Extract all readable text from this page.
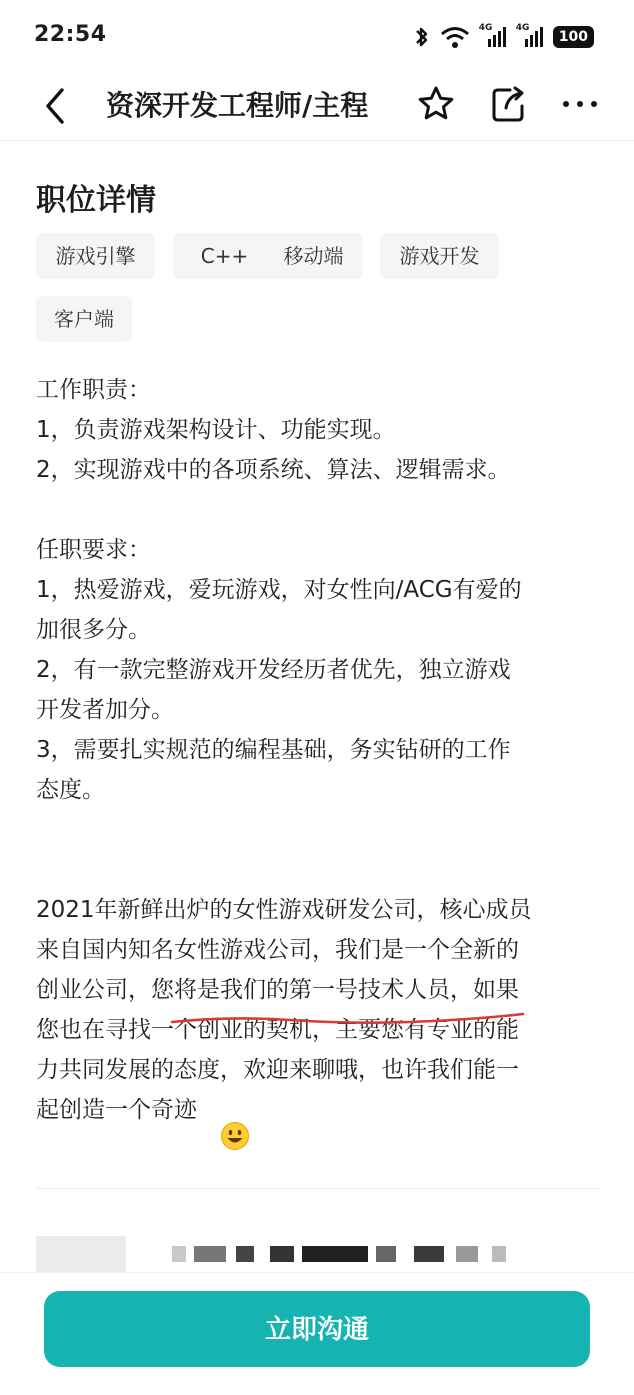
22:54	4G	4G
100
资深开发工程师/主程
职位详情
游戏引擎	C++	移动端	游戏开发
客户端

工作职责：

1，负责游戏架构设计、功能实现。

2，实现游戏中的各项系统、算法、逻辑需求。

任职要求：

1，热爱游戏，爱玩游戏，对女性向/ACG有爱的

加很多分。

2，有一款完整游戏开发经历者优先，独立游戏

开发者加分。

3，需要扎实规范的编程基础，务实钻研的工作

态度。

2021年新鲜出炉的女性游戏研发公司，核心成员

来自国内知名女性游戏公司，我们是一个全新的

创业公司，您将是我们的第一号技术人员，如果

您也在寻找一个创业的契机，主要您有专业的能

力共同发展的态度，欢迎来聊哦，也许我们能一

起创造一个奇迹

立即沟通
